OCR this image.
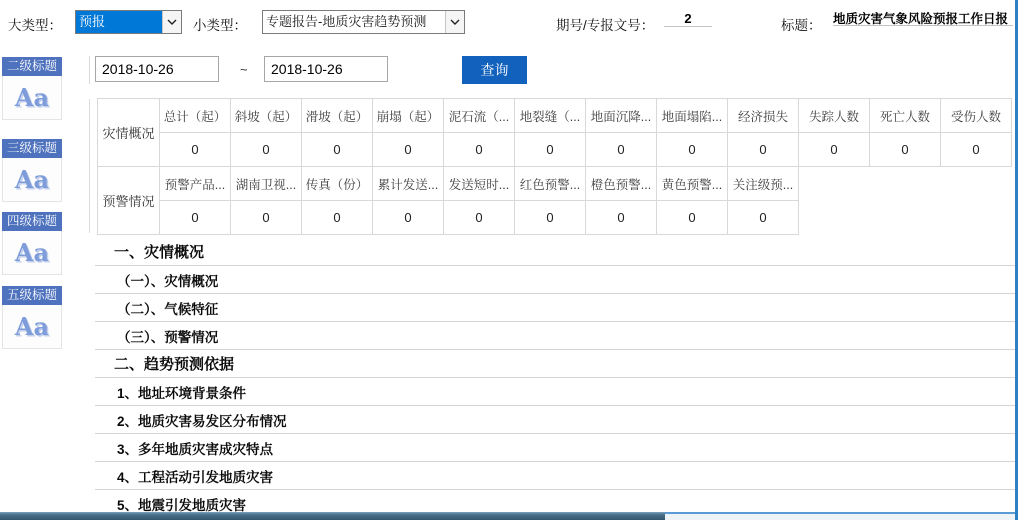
大类型： 预报	小类型： 专题报告-地质灾害趋势预测	期号/专报文号：
2	标题：
地质灾害气象风险预报工作日报
2018-10-26	~	2018-10-26	查询
二级标题
Aa
三级标题
Aa
四级标题
Aa
五级标题
Aa
灾情概况	总计（起）	斜坡（起）	滑坡（起）	崩塌（起）	泥石流（...	地裂缝（...	地面沉降...	地面塌陷...	经济损失	失踪人数	死亡人数	受伤人数
	0	0	0	0	0	0	0	0	0	0	0	0
预警情况	预警产品...	湖南卫视...	传真（份）	累计发送...	发送短时...	红色预警...	橙色预警...	黄色预警...	关注级预...
	0	0	0	0	0	0	0	0	0
一、灾情概况
（一）、灾情概况
（二）、气候特征
（三）、预警情况
二、趋势预测依据
1、地址环境背景条件
2、地质灾害易发区分布情况
3、多年地质灾害成灾特点
4、工程活动引发地质灾害
5、地震引发地质灾害
